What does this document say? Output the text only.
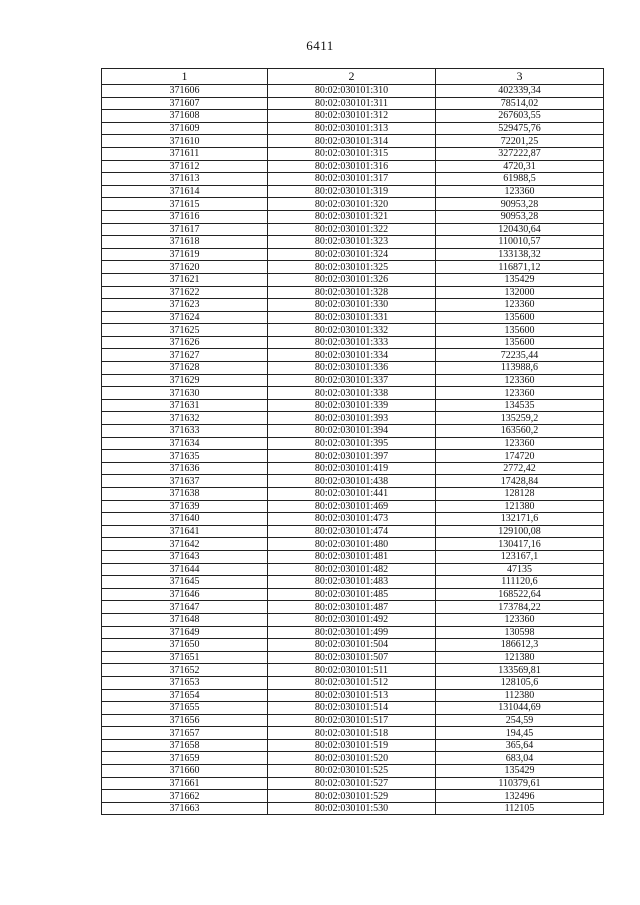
6411
1	2	3
371606	80:02:030101:310	402339,34
371607	80:02:030101:311	78514,02
371608	80:02:030101:312	267603,55
371609	80:02:030101:313	529475,76
371610	80:02:030101:314	72201,25
371611	80:02:030101:315	327222,87
371612	80:02:030101:316	4720,31
371613	80:02:030101:317	61988,5
371614	80:02:030101:319	123360
371615	80:02:030101:320	90953,28
371616	80:02:030101:321	90953,28
371617	80:02:030101:322	120430,64
371618	80:02:030101:323	110010,57
371619	80:02:030101:324	133138,32
371620	80:02:030101:325	116871,12
371621	80:02:030101:326	135429
371622	80:02:030101:328	132000
371623	80:02:030101:330	123360
371624	80:02:030101:331	135600
371625	80:02:030101:332	135600
371626	80:02:030101:333	135600
371627	80:02:030101:334	72235,44
371628	80:02:030101:336	113988,6
371629	80:02:030101:337	123360
371630	80:02:030101:338	123360
371631	80:02:030101:339	134535
371632	80:02:030101:393	135259,2
371633	80:02:030101:394	163560,2
371634	80:02:030101:395	123360
371635	80:02:030101:397	174720
371636	80:02:030101:419	2772,42
371637	80:02:030101:438	17428,84
371638	80:02:030101:441	128128
371639	80:02:030101:469	121380
371640	80:02:030101:473	132171,6
371641	80:02:030101:474	129100,08
371642	80:02:030101:480	130417,16
371643	80:02:030101:481	123167,1
371644	80:02:030101:482	47135
371645	80:02:030101:483	111120,6
371646	80:02:030101:485	168522,64
371647	80:02:030101:487	173784,22
371648	80:02:030101:492	123360
371649	80:02:030101:499	130598
371650	80:02:030101:504	186612,3
371651	80:02:030101:507	121380
371652	80:02:030101:511	133569,81
371653	80:02:030101:512	128105,6
371654	80:02:030101:513	112380
371655	80:02:030101:514	131044,69
371656	80:02:030101:517	254,59
371657	80:02:030101:518	194,45
371658	80:02:030101:519	365,64
371659	80:02:030101:520	683,04
371660	80:02:030101:525	135429
371661	80:02:030101:527	110379,61
371662	80:02:030101:529	132496
371663	80:02:030101:530	112105
